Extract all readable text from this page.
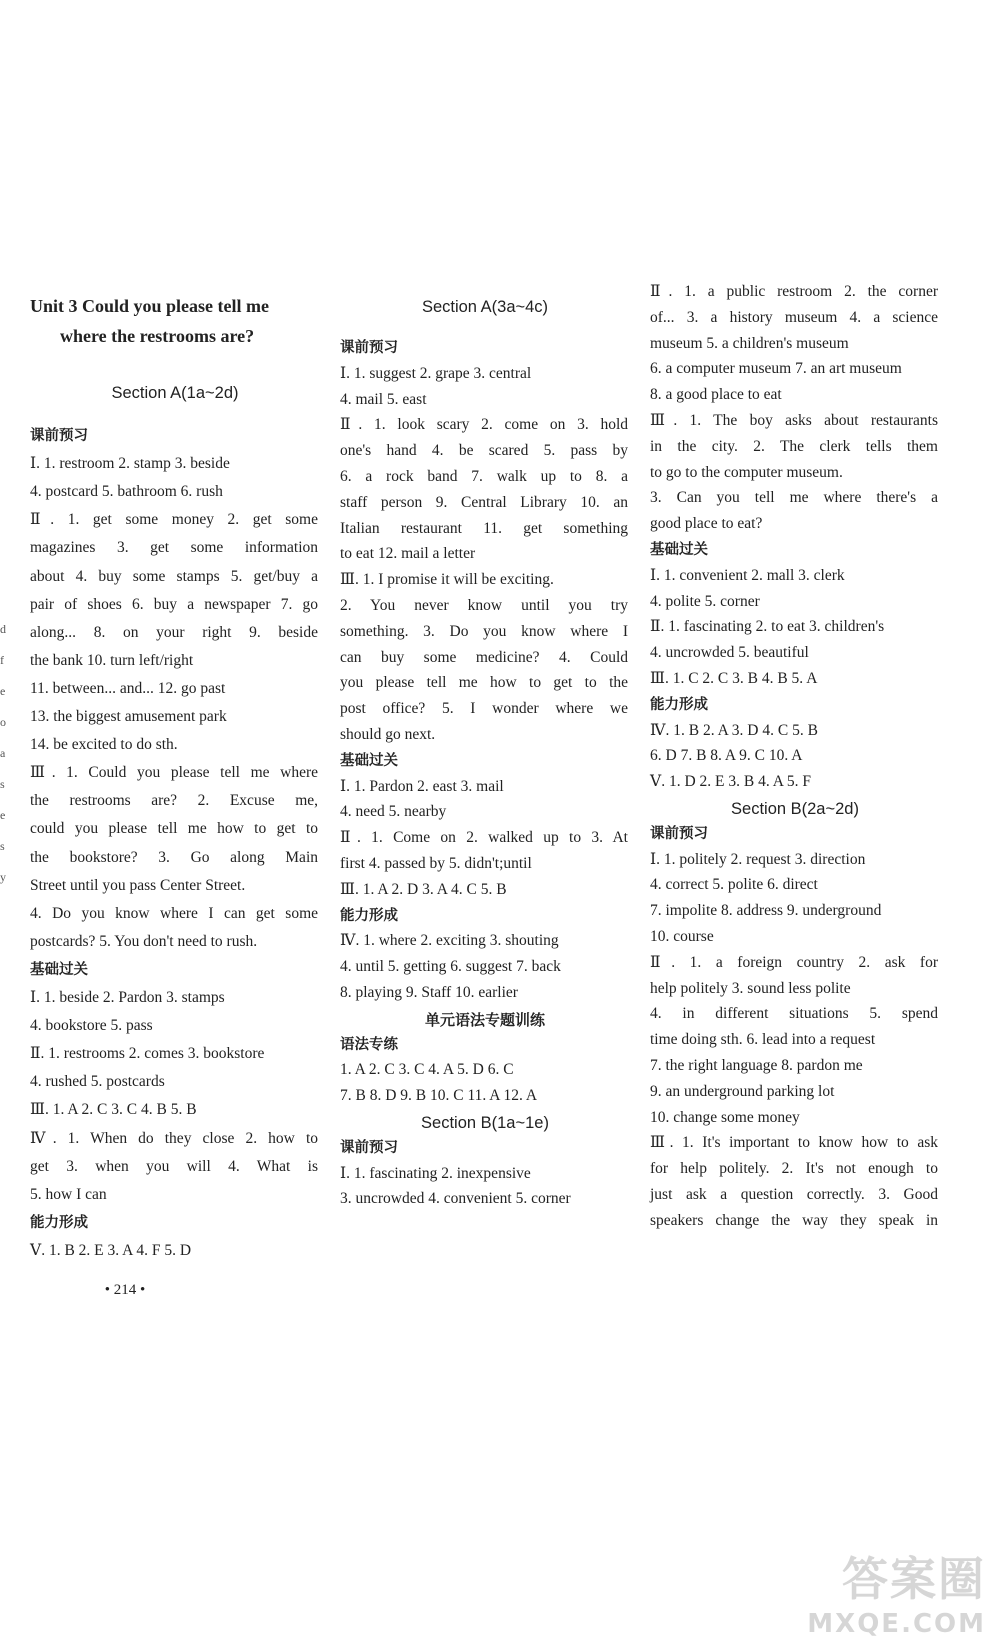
Unit 3 Could you please tell me
where the restrooms are?
Section A(1a~2d)
课前预习
Ⅰ. 1. restroom 2. stamp 3. beside
4. postcard 5. bathroom 6. rush
Ⅱ. 1. get some money 2. get some
magazines 3. get some information
about 4. buy some stamps 5. get/buy a
pair of shoes 6. buy a newspaper 7. go
along... 8. on your right 9. beside
the bank 10. turn left/right
11. between... and... 12. go past
13. the biggest amusement park
14. be excited to do sth.
Ⅲ. 1. Could you please tell me where
the restrooms are? 2. Excuse me,
could you please tell me how to get to
the bookstore? 3. Go along Main
Street until you pass Center Street.
4. Do you know where I can get some
postcards? 5. You don't need to rush.
基础过关
Ⅰ. 1. beside 2. Pardon 3. stamps
4. bookstore 5. pass
Ⅱ. 1. restrooms 2. comes 3. bookstore
4. rushed 5. postcards
Ⅲ. 1. A 2. C 3. C 4. B 5. B
Ⅳ. 1. When do they close 2. how to
get 3. when you will 4. What is
5. how I can
能力形成
Ⅴ. 1. B 2. E 3. A 4. F 5. D
• 214 •
Section A(3a~4c)
课前预习
Ⅰ. 1. suggest 2. grape 3. central
4. mail 5. east
Ⅱ. 1. look scary 2. come on 3. hold
one's hand 4. be scared 5. pass by
6. a rock band 7. walk up to 8. a
staff person 9. Central Library 10. an
Italian restaurant 11. get something
to eat 12. mail a letter
Ⅲ. 1. I promise it will be exciting.
2. You never know until you try
something. 3. Do you know where I
can buy some medicine? 4. Could
you please tell me how to get to the
post office? 5. I wonder where we
should go next.
基础过关
Ⅰ. 1. Pardon 2. east 3. mail
4. need 5. nearby
Ⅱ. 1. Come on 2. walked up to 3. At
first 4. passed by 5. didn't;until
Ⅲ. 1. A 2. D 3. A 4. C 5. B
能力形成
Ⅳ. 1. where 2. exciting 3. shouting
4. until 5. getting 6. suggest 7. back
8. playing 9. Staff 10. earlier
单元语法专题训练
语法专练
1. A 2. C 3. C 4. A 5. D 6. C
7. B 8. D 9. B 10. C 11. A 12. A
Section B(1a~1e)
课前预习
Ⅰ. 1. fascinating 2. inexpensive
3. uncrowded 4. convenient 5. corner
Ⅱ. 1. a public restroom 2. the corner
of... 3. a history museum 4. a science
museum 5. a children's museum
6. a computer museum 7. an art museum
8. a good place to eat
Ⅲ. 1. The boy asks about restaurants
in the city. 2. The clerk tells them
to go to the computer museum.
3. Can you tell me where there's a
good place to eat?
基础过关
Ⅰ. 1. convenient 2. mall 3. clerk
4. polite 5. corner
Ⅱ. 1. fascinating 2. to eat 3. children's
4. uncrowded 5. beautiful
Ⅲ. 1. C 2. C 3. B 4. B 5. A
能力形成
Ⅳ. 1. B 2. A 3. D 4. C 5. B
6. D 7. B 8. A 9. C 10. A
Ⅴ. 1. D 2. E 3. B 4. A 5. F
Section B(2a~2d)
课前预习
Ⅰ. 1. politely 2. request 3. direction
4. correct 5. polite 6. direct
7. impolite 8. address 9. underground
10. course
Ⅱ. 1. a foreign country 2. ask for
help politely 3. sound less polite
4. in different situations 5. spend
time doing sth. 6. lead into a request
7. the right language 8. pardon me
9. an underground parking lot
10. change some money
Ⅲ. 1. It's important to know how to ask
for help politely. 2. It's not enough to
just ask a question correctly. 3. Good
speakers change the way they speak in
d
f
e
o
a
s
e
s
y
答案圈
MXQE.COM
